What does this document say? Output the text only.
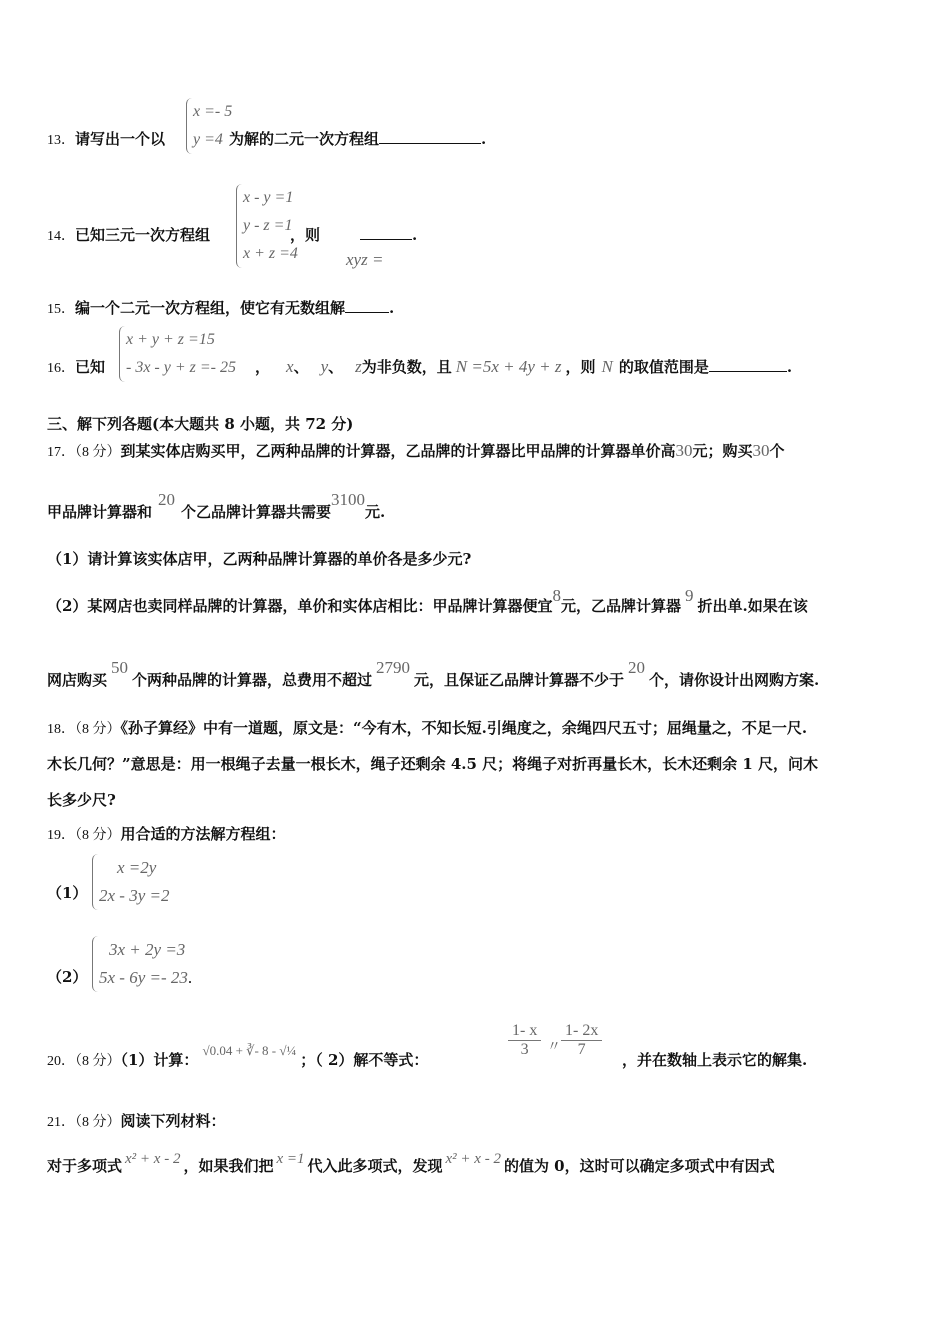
x =- 5
y =4
13．请写出一个以	为解的二元一次方程组	.
x - y =1
y - z =1
x + z =4
14．已知三元一次方程组	，则	.
xyz =
15．编一个二元一次方程组，使它有无数组解	.
x + y + z =15
- 3x - y + z =- 25
16．已知	， x、 y、 z为非负数，且 N =5x + 4y + z ，则 N 的取值范围是	.
三、解下列各题(本大题共 8 小题，共 72 分)
17．（8 分）到某实体店购买甲，乙两种品牌的计算器，乙品牌的计算器比甲品牌的计算器单价高30元；购买30个
甲品牌计算器和20个乙品牌计算器共需要3100元.
（1）请计算该实体店甲，乙两种品牌计算器的单价各是多少元?
（2）某网店也卖同样品牌的计算器，单价和实体店相比：甲品牌计算器便宜8元，乙品牌计算器9折出单.如果在该
网店购买50个两种品牌的计算器，总费用不超过2790元，且保证乙品牌计算器不少于20个，请你设计出网购方案.
18．（8 分）《孙子算经》中有一道题，原文是：“今有木，不知长短.引绳度之，余绳四尺五寸；屈绳量之，不足一尺.
木长几何？”意思是：用一根绳子去量一根长木，绳子还剩余 4.5 尺；将绳子对折再量长木，长木还剩余 1 尺，问木
长多少尺?
19．（8 分）用合适的方法解方程组：
（1）
x =2y
2x - 3y =2
（2）
3x + 2y =3
5x - 6y =- 23.
20．（8 分）（1）计算：√0.04 + ∛- 8 - √¼；（ 2）解不等式：
$\frac{1- x}{3}$ 〃 $\frac{1- 2x}{7}$
，并在数轴上表示它的解集.
21．（8 分）阅读下列材料：
对于多项式 x² + x - 2 ，如果我们把 x =1 代入此多项式，发现 x² + x - 2 的值为 0，这时可以确定多项式中有因式
